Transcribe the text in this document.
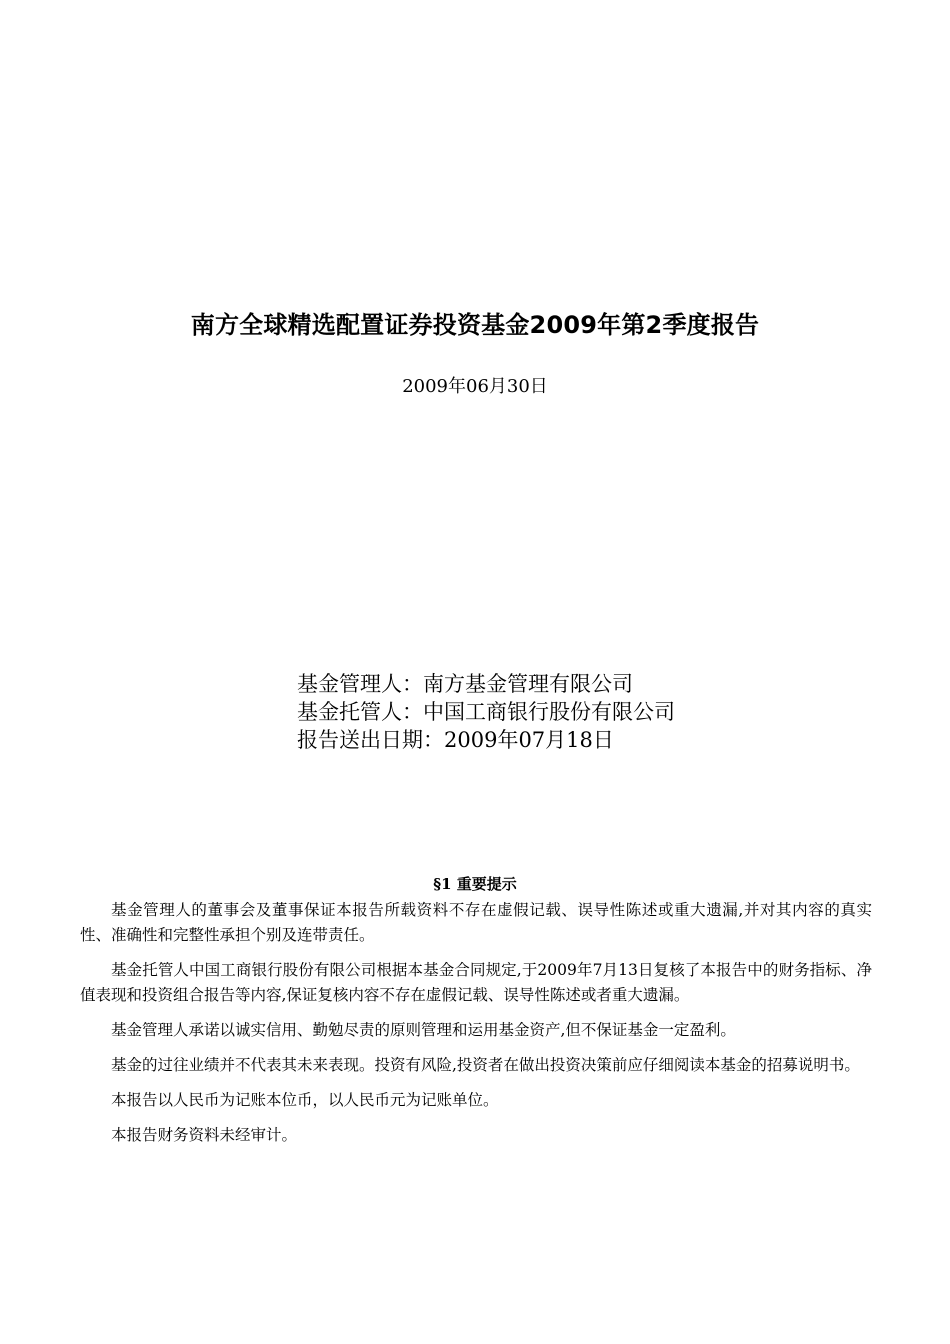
南方全球精选配置证券投资基金2009年第2季度报告
2009年06月30日
基金管理人：南方基金管理有限公司
基金托管人：中国工商银行股份有限公司
报告送出日期：2009年07月18日
§1 重要提示

基金管理人的董事会及董事保证本报告所载资料不存在虚假记载、误导性陈述或重大遗漏,并对其内容的真实性、准确性和完整性承担个别及连带责任。

基金托管人中国工商银行股份有限公司根据本基金合同规定,于2009年7月13日复核了本报告中的财务指标、净值表现和投资组合报告等内容,保证复核内容不存在虚假记载、误导性陈述或者重大遗漏。

基金管理人承诺以诚实信用、勤勉尽责的原则管理和运用基金资产,但不保证基金一定盈利。

基金的过往业绩并不代表其未来表现。投资有风险,投资者在做出投资决策前应仔细阅读本基金的招募说明书。

本报告以人民币为记账本位币，以人民币元为记账单位。

本报告财务资料未经审计。
